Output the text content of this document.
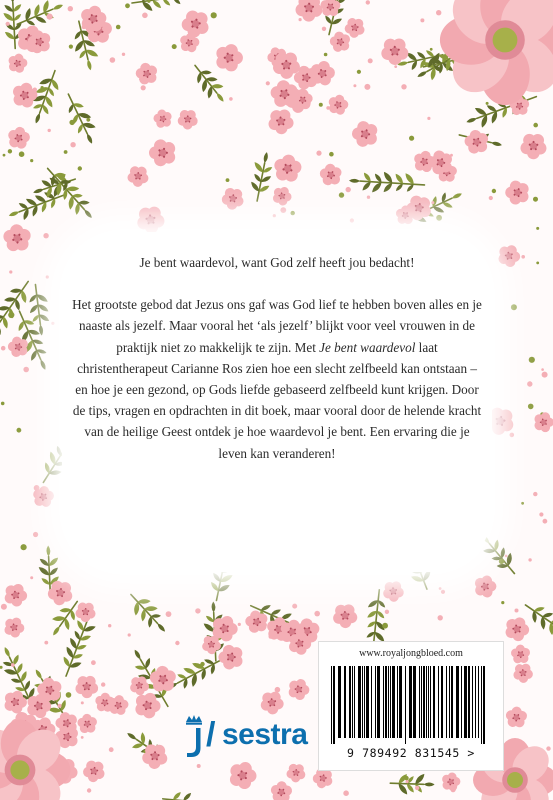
Je bent waardevol, want God zelf heeft jou bedacht!

Het grootste gebod dat Jezus ons gaf was God lief te hebben boven alles en je naaste als jezelf. Maar vooral het ‘als jezelf’ blijkt voor veel vrouwen in de praktijk niet zo makkelijk te zijn. Met Je bent waardevol laat christentherapeut Carianne Ros zien hoe een slecht zelfbeeld kan ontstaan – en hoe je een gezond, op Gods liefde gebaseerd zelfbeeld kunt krijgen. Door de tips, vragen en opdrachten in dit boek, maar vooral door de helende kracht van de heilige Geest ontdek je hoe waardevol je bent. Een ervaring die je leven kan veranderen!

/ sestra
www.royaljongbloed.com
9 789492 831545 >
